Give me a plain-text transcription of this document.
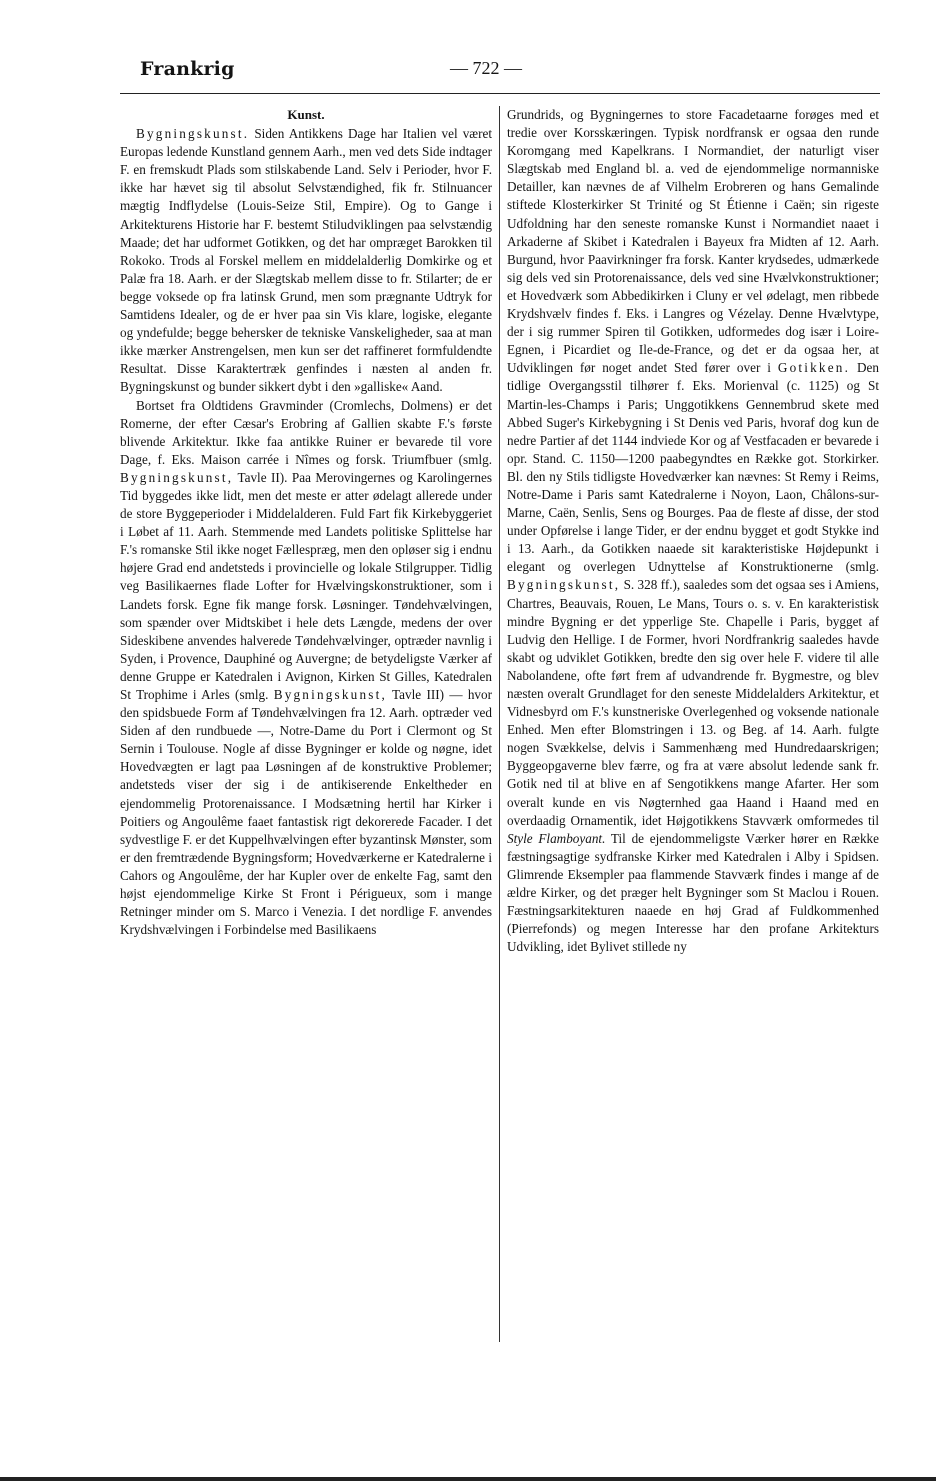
Frankrig	— 722 —
Kunst.

Bygningskunst. Siden Antikkens Dage har Italien vel været Europas ledende Kunstland gennem Aarh., men ved dets Side indtager F. en fremskudt Plads som stilskabende Land. Selv i Perioder, hvor F. ikke har hævet sig til absolut Selvstændighed, fik fr. Stilnuancer mægtig Indflydelse (Louis-Seize Stil, Empire). Og to Gange i Arkitekturens Historie har F. bestemt Stiludviklingen paa selvstændig Maade; det har udformet Gotikken, og det har ompræget Barokken til Rokoko. Trods al Forskel mellem en middelalderlig Domkirke og et Palæ fra 18. Aarh. er der Slægtskab mellem disse to fr. Stilarter; de er begge voksede op fra latinsk Grund, men som prægnante Udtryk for Samtidens Idealer, og de er hver paa sin Vis klare, logiske, elegante og yndefulde; begge behersker de tekniske Vanskeligheder, saa at man ikke mærker Anstrengelsen, men kun ser det raffineret formfuldendte Resultat. Disse Karaktertræk genfindes i næsten al anden fr. Bygningskunst og bunder sikkert dybt i den »galliske« Aand.

Bortset fra Oldtidens Gravminder (Cromlechs, Dolmens) er det Romerne, der efter Cæsar's Erobring af Gallien skabte F.'s første blivende Arkitektur. Ikke faa antikke Ruiner er bevarede til vore Dage, f. Eks. Maison carrée i Nîmes og forsk. Triumfbuer (smlg. Bygningskunst, Tavle II). Paa Merovingernes og Karolingernes Tid byggedes ikke lidt, men det meste er atter ødelagt allerede under de store Byggeperioder i Middelalderen. Fuld Fart fik Kirkebyggeriet i Løbet af 11. Aarh. Stemmende med Landets politiske Splittelse har F.'s romanske Stil ikke noget Fællespræg, men den opløser sig i endnu højere Grad end andetsteds i provincielle og lokale Stilgrupper. Tidlig veg Basilikaernes flade Lofter for Hvælvingskonstruktioner, som i Landets forsk. Egne fik mange forsk. Løsninger. Tøndehvælvingen, som spænder over Midtskibet i hele dets Længde, medens der over Sideskibene anvendes halverede Tøndehvælvinger, optræder navnlig i Syden, i Provence, Dauphiné og Auvergne; de betydeligste Værker af denne Gruppe er Katedralen i Avignon, Kirken St Gilles, Katedralen St Trophime i Arles (smlg. Bygningskunst, Tavle III) — hvor den spidsbuede Form af Tøndehvælvingen fra 12. Aarh. optræder ved Siden af den rundbuede —, Notre-Dame du Port i Clermont og St Sernin i Toulouse. Nogle af disse Bygninger er kolde og nøgne, idet Hovedvægten er lagt paa Løsningen af de konstruktive Problemer; andetsteds viser der sig i de antikiserende Enkeltheder en ejendommelig Protorenaissance. I Modsætning hertil har Kirker i Poitiers og Angoulême faaet fantastisk rigt dekorerede Facader. I det sydvestlige F. er det Kuppelhvælvingen efter byzantinsk Mønster, som er den fremtrædende Bygningsform; Hovedværkerne er Katedralerne i Cahors og Angoulême, der har Kupler over de enkelte Fag, samt den højst ejendommelige Kirke St Front i Périgueux, som i mange Retninger minder om S. Marco i Venezia. I det nordlige F. anvendes Krydshvælvingen i Forbindelse med Basilikaens

Grundrids, og Bygningernes to store Facadetaarne forøges med et tredie over Korsskæringen. Typisk nordfransk er ogsaa den runde Koromgang med Kapelkrans. I Normandiet, der naturligt viser Slægtskab med England bl. a. ved de ejendommelige normanniske Detailler, kan nævnes de af Vilhelm Erobreren og hans Gemalinde stiftede Klosterkirker St Trinité og St Étienne i Caën; sin rigeste Udfoldning har den seneste romanske Kunst i Normandiet naaet i Arkaderne af Skibet i Katedralen i Bayeux fra Midten af 12. Aarh. Burgund, hvor Paavirkninger fra forsk. Kanter krydsedes, udmærkede sig dels ved sin Protorenaissance, dels ved sine Hvælvkonstruktioner; et Hovedværk som Abbedikirken i Cluny er vel ødelagt, men ribbede Krydshvælv findes f. Eks. i Langres og Vézelay. Denne Hvælvtype, der i sig rummer Spiren til Gotikken, udformedes dog især i Loire-Egnen, i Picardiet og Ile-de-France, og det er da ogsaa her, at Udviklingen før noget andet Sted fører over i Gotikken. Den tidlige Overgangsstil tilhører f. Eks. Morienval (c. 1125) og St Martin-les-Champs i Paris; Unggotikkens Gennembrud skete med Abbed Suger's Kirkebygning i St Denis ved Paris, hvoraf dog kun de nedre Partier af det 1144 indviede Kor og af Vestfacaden er bevarede i opr. Stand. C. 1150—1200 paabegyndtes en Række got. Storkirker. Bl. den ny Stils tidligste Hovedværker kan nævnes: St Remy i Reims, Notre-Dame i Paris samt Katedralerne i Noyon, Laon, Châlons-sur-Marne, Caën, Senlis, Sens og Bourges. Paa de fleste af disse, der stod under Opførelse i lange Tider, er der endnu bygget et godt Stykke ind i 13. Aarh., da Gotikken naaede sit karakteristiske Højdepunkt i elegant og overlegen Udnyttelse af Konstruktionerne (smlg. Bygningskunst, S. 328 ff.), saaledes som det ogsaa ses i Amiens, Chartres, Beauvais, Rouen, Le Mans, Tours o. s. v. En karakteristisk mindre Bygning er det ypperlige Ste. Chapelle i Paris, bygget af Ludvig den Hellige. I de Former, hvori Nordfrankrig saaledes havde skabt og udviklet Gotikken, bredte den sig over hele F. videre til alle Nabolandene, ofte ført frem af udvandrende fr. Bygmestre, og blev næsten overalt Grundlaget for den seneste Middelalders Arkitektur, et Vidnesbyrd om F.'s kunstneriske Overlegenhed og voksende nationale Enhed. Men efter Blomstringen i 13. og Beg. af 14. Aarh. fulgte nogen Svækkelse, delvis i Sammenhæng med Hundredaarskrigen; Byggeopgaverne blev færre, og fra at være absolut ledende sank fr. Gotik ned til at blive en af Sengotikkens mange Afarter. Her som overalt kunde en vis Nøgternhed gaa Haand i Haand med en overdaadig Ornamentik, idet Højgotikkens Stavværk omformedes til Style Flamboyant. Til de ejendommeligste Værker hører en Række fæstningsagtige sydfranske Kirker med Katedralen i Alby i Spidsen. Glimrende Eksempler paa flammende Stavværk findes i mange af de ældre Kirker, og det præger helt Bygninger som St Maclou i Rouen. Fæstningsarkitekturen naaede en høj Grad af Fuldkommenhed (Pierrefonds) og megen Interesse har den profane Arkitekturs Udvikling, idet Bylivet stillede ny
